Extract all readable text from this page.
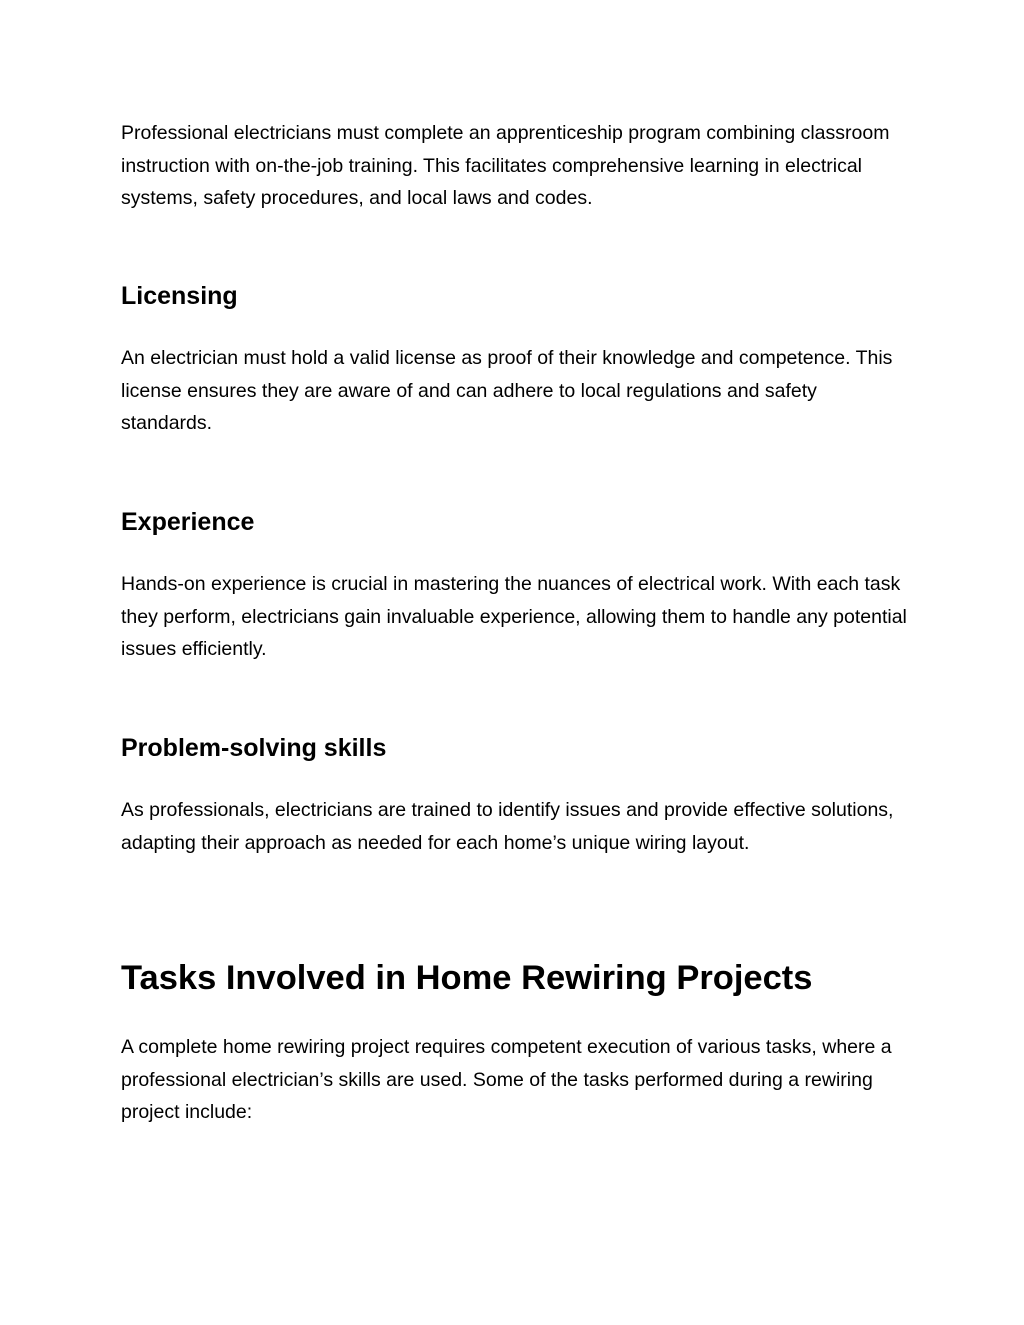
Professional electricians must complete an apprenticeship program combining classroom instruction with on-the-job training. This facilitates comprehensive learning in electrical systems, safety procedures, and local laws and codes.

Licensing

An electrician must hold a valid license as proof of their knowledge and competence. This license ensures they are aware of and can adhere to local regulations and safety standards.

Experience

Hands-on experience is crucial in mastering the nuances of electrical work. With each task they perform, electricians gain invaluable experience, allowing them to handle any potential issues efficiently.

Problem-solving skills

As professionals, electricians are trained to identify issues and provide effective solutions, adapting their approach as needed for each home’s unique wiring layout.

Tasks Involved in Home Rewiring Projects

A complete home rewiring project requires competent execution of various tasks, where a professional electrician’s skills are used. Some of the tasks performed during a rewiring project include:
